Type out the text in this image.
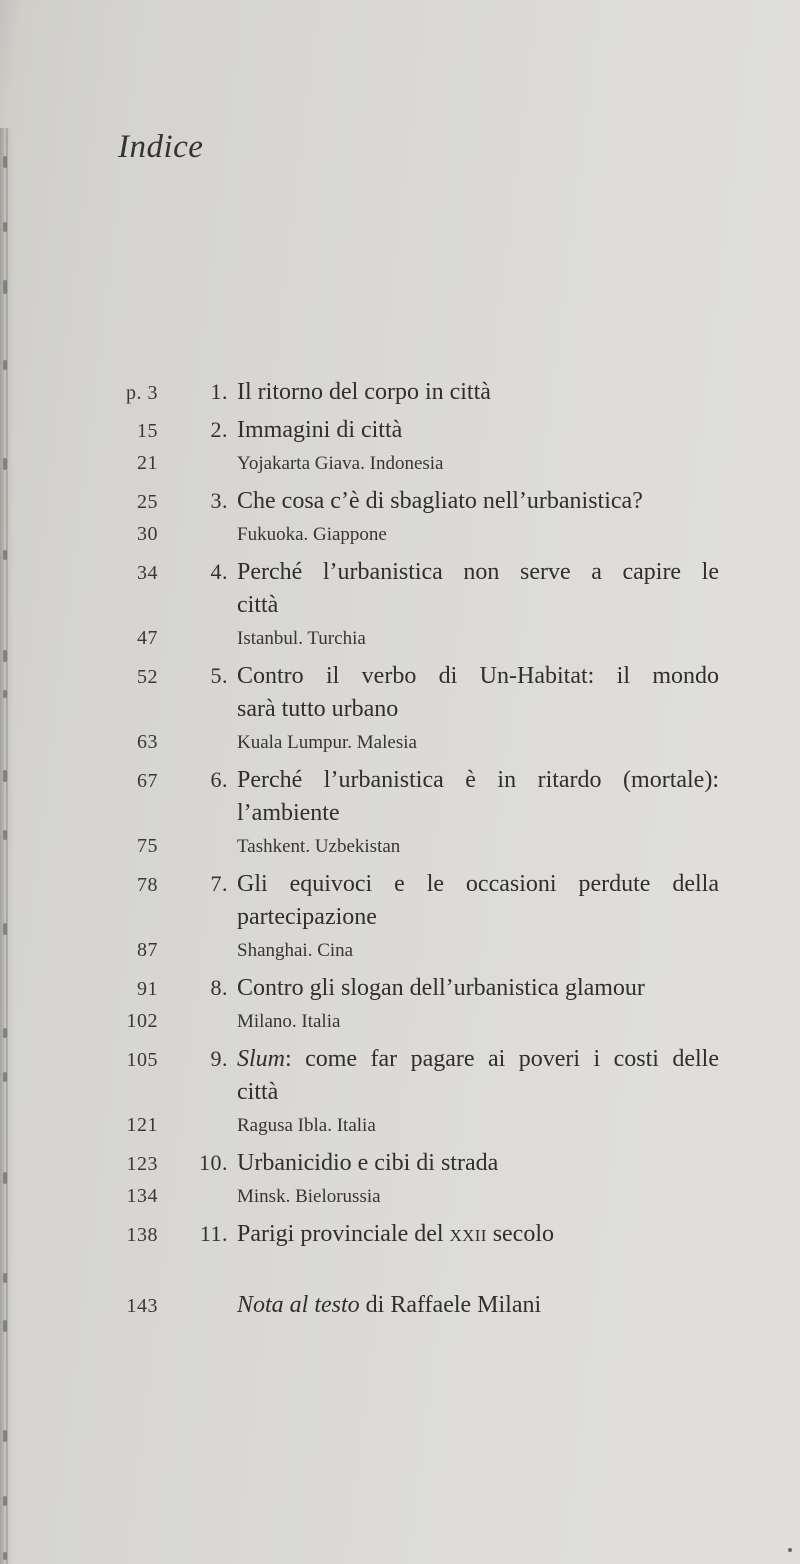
Indice
p. 3	1. Il ritorno del corpo in città
15	2. Immagini di città
21	Yojakarta Giava. Indonesia
25	3. Che cosa c’è di sbagliato nell’urbanistica?
30	Fukuoka. Giappone
34	4. Perché l’urbanistica non serve a capire le
città
47	Istanbul. Turchia
52	5. Contro il verbo di Un-Habitat: il mondo
sarà tutto urbano
63	Kuala Lumpur. Malesia
67	6. Perché l’urbanistica è in ritardo (mortale):
l’ambiente
75	Tashkent. Uzbekistan
78	7. Gli equivoci e le occasioni perdute della
partecipazione
87	Shanghai. Cina
91	8. Contro gli slogan dell’urbanistica glamour
102	Milano. Italia
105	9. Slum: come far pagare ai poveri i costi delle
città
121	Ragusa Ibla. Italia
123	10. Urbanicidio e cibi di strada
134	Minsk. Bielorussia
138	11. Parigi provinciale del xxii secolo
143	Nota al testo di Raffaele Milani
